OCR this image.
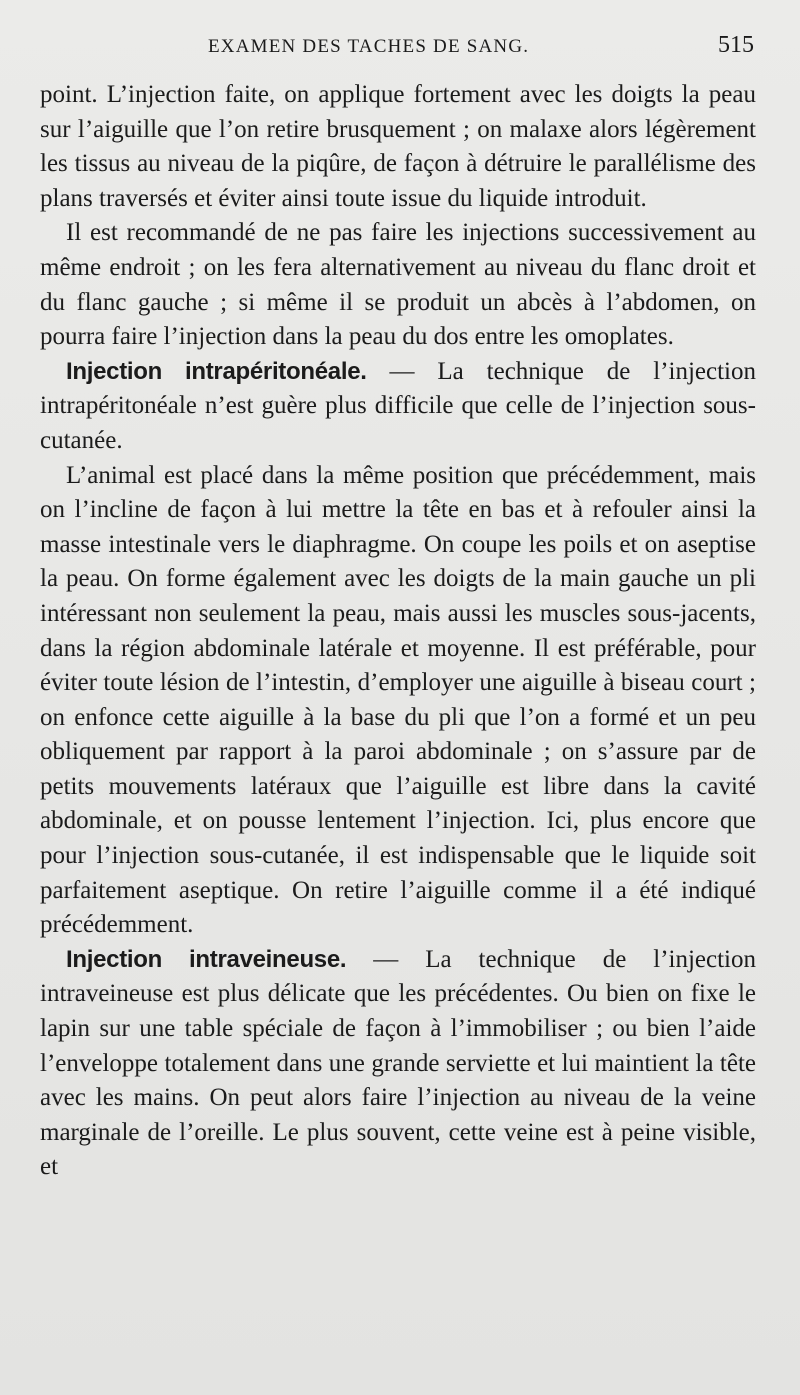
EXAMEN DES TACHES DE SANG.	515

point. L’injection faite, on applique fortement avec les doigts la peau sur l’aiguille que l’on retire brusquement ; on malaxe alors légèrement les tissus au niveau de la piqûre, de façon à détruire le parallélisme des plans traversés et éviter ainsi toute issue du liquide introduit.

Il est recommandé de ne pas faire les injections successivement au même endroit ; on les fera alternativement au niveau du flanc droit et du flanc gauche ; si même il se produit un abcès à l’abdomen, on pourra faire l’injection dans la peau du dos entre les omoplates.

Injection intrapéritonéale. — La technique de l’injection intrapéritonéale n’est guère plus difficile que celle de l’injection sous-cutanée.

L’animal est placé dans la même position que précédemment, mais on l’incline de façon à lui mettre la tête en bas et à refouler ainsi la masse intestinale vers le diaphragme. On coupe les poils et on aseptise la peau. On forme également avec les doigts de la main gauche un pli intéressant non seulement la peau, mais aussi les muscles sous-jacents, dans la région abdominale latérale et moyenne. Il est préférable, pour éviter toute lésion de l’intestin, d’employer une aiguille à biseau court ; on enfonce cette aiguille à la base du pli que l’on a formé et un peu obliquement par rapport à la paroi abdominale ; on s’assure par de petits mouvements latéraux que l’aiguille est libre dans la cavité abdominale, et on pousse lentement l’injection. Ici, plus encore que pour l’injection sous-cutanée, il est indispensable que le liquide soit parfaitement aseptique. On retire l’aiguille comme il a été indiqué précédemment.

Injection intraveineuse. — La technique de l’injection intraveineuse est plus délicate que les précédentes. Ou bien on fixe le lapin sur une table spéciale de façon à l’immobiliser ; ou bien l’aide l’enveloppe totalement dans une grande serviette et lui maintient la tête avec les mains. On peut alors faire l’injection au niveau de la veine marginale de l’oreille. Le plus souvent, cette veine est à peine visible, et
